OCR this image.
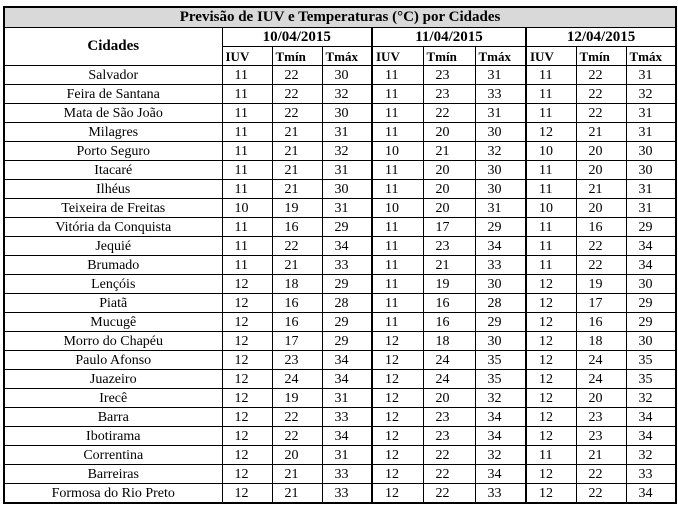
Previsão de IUV e Temperaturas (°C) por Cidades									
Cidades	10/04/2015			11/04/2015			12/04/2015		
	IUV	Tmín	Tmáx	IUV	Tmín	Tmáx	IUV	Tmín	Tmáx
Salvador	11	22	30	11	23	31	11	22	31
Feira de Santana	11	22	32	11	23	33	11	22	32
Mata de São João	11	22	30	11	22	31	11	22	31
Milagres	11	21	31	11	20	30	12	21	31
Porto Seguro	11	21	32	10	21	32	10	20	30
Itacaré	11	21	31	11	20	30	11	20	30
Ilhéus	11	21	30	11	20	30	11	21	31
Teixeira de Freitas	10	19	31	10	20	31	10	20	31
Vitória da Conquista	11	16	29	11	17	29	11	16	29
Jequié	11	22	34	11	23	34	11	22	34
Brumado	11	21	33	11	21	33	11	22	34
Lençóis	12	18	29	11	19	30	12	19	30
Piatã	12	16	28	11	16	28	12	17	29
Mucugê	12	16	29	11	16	29	12	16	29
Morro do Chapéu	12	17	29	12	18	30	12	18	30
Paulo Afonso	12	23	34	12	24	35	12	24	35
Juazeiro	12	24	34	12	24	35	12	24	35
Irecê	12	19	31	12	20	32	12	20	32
Barra	12	22	33	12	23	34	12	23	34
Ibotirama	12	22	34	12	23	34	12	23	34
Correntina	12	20	31	12	22	32	11	21	32
Barreiras	12	21	33	12	22	34	12	22	33
Formosa do Rio Preto	12	21	33	12	22	33	12	22	34
